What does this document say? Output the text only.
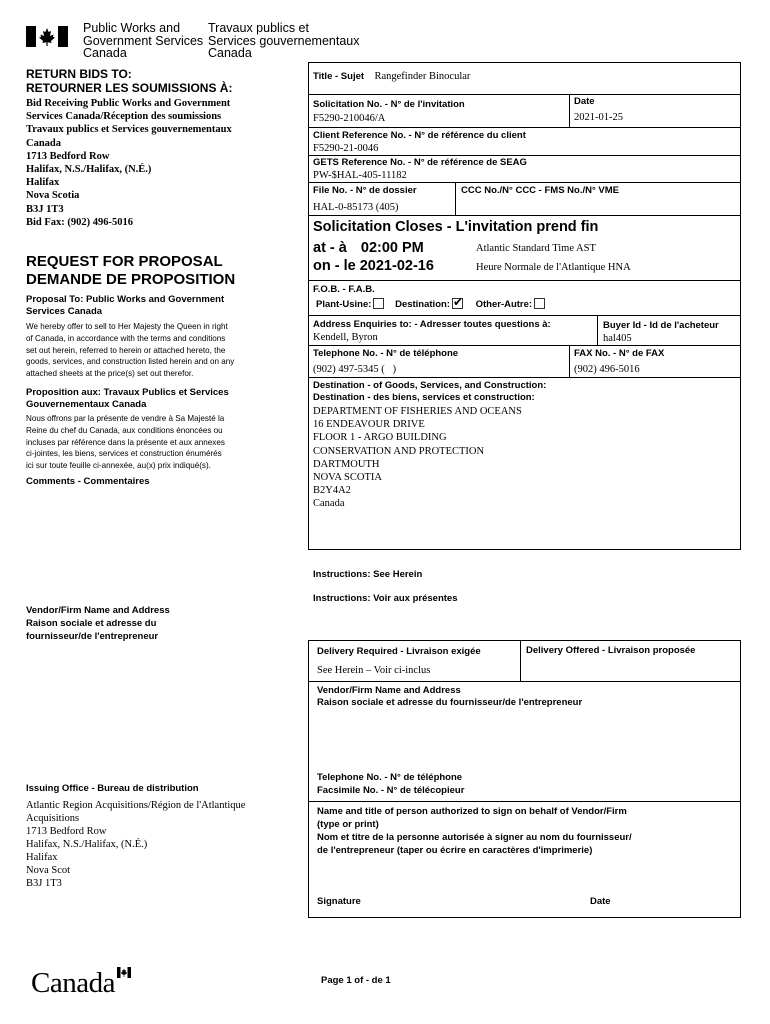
Public Works and
Government Services
Canada
Travaux publics et
Services gouvernementaux
Canada
RETURN BIDS TO:
RETOURNER LES SOUMISSIONS À:
Bid Receiving Public Works and Government
Services Canada/Réception des soumissions
Travaux publics et Services gouvernementaux
Canada
1713 Bedford Row
Halifax, N.S./Halifax, (N.É.)
Halifax
Nova Scotia
B3J 1T3
Bid Fax: (902) 496-5016
REQUEST FOR PROPOSAL
DEMANDE DE PROPOSITION
Proposal To: Public Works and Government
Services Canada
We hereby offer to sell to Her Majesty the Queen in right
of Canada, in accordance with the terms and conditions
set out herein, referred to herein or attached hereto, the
goods, services, and construction listed herein and on any
attached sheets at the price(s) set out therefor.
Proposition aux: Travaux Publics et Services
Gouvernementaux Canada
Nous offrons par la présente de vendre à Sa Majesté la
Reine du chef du Canada, aux conditions énoncées ou
incluses par référence dans la présente et aux annexes
ci-jointes, les biens, services et construction énumérés
ici sur toute feuille ci-annexée, au(x) prix indiqué(s).
Comments - Commentaires
Vendor/Firm Name and Address
Raison sociale et adresse du
fournisseur/de l'entrepreneur
Issuing Office - Bureau de distribution
Atlantic Region Acquisitions/Région de l'Atlantique
Acquisitions
1713 Bedford Row
Halifax, N.S./Halifax, (N.É.)
Halifax
Nova Scot
B3J 1T3
Title - Sujet Rangefinder Binocular
Solicitation No. - N° de l'invitation
F5290-210046/A
Date
2021-01-25
Client Reference No. - N° de référence du client
F5290-21-0046
GETS Reference No. - N° de référence de SEAG
PW-$HAL-405-11182
File No. - N° de dossier
HAL-0-85173 (405)
CCC No./N° CCC - FMS No./N° VME
Solicitation Closes - L'invitation prend fin
at - à 02:00 PM
on - le 2021-02-16
Atlantic Standard Time AST
Heure Normale de l'Atlantique HNA
F.O.B. - F.A.B.
Plant-Usine: Destination: ✔ Other-Autre:
Address Enquiries to: - Adresser toutes questions à:
Kendell, Byron
Buyer Id - Id de l'acheteur
hal405
Telephone No. - N° de téléphone
(902) 497-5345 (   )
FAX No. - N° de FAX
(902) 496-5016
Destination - of Goods, Services, and Construction:
Destination - des biens, services et construction:
DEPARTMENT OF FISHERIES AND OCEANS
16 ENDEAVOUR DRIVE
FLOOR 1 - ARGO BUILDING
CONSERVATION AND PROTECTION
DARTMOUTH
NOVA SCOTIA
B2Y4A2
Canada
Instructions: See Herein
Instructions: Voir aux présentes
Delivery Required - Livraison exigée
See Herein – Voir ci-inclus
Delivery Offered - Livraison proposée
Vendor/Firm Name and Address
Raison sociale et adresse du fournisseur/de l'entrepreneur
Telephone No. - N° de téléphone
Facsimile No. - N° de télécopieur
Name and title of person authorized to sign on behalf of Vendor/Firm
(type or print)
Nom et titre de la personne autorisée à signer au nom du fournisseur/
de l'entrepreneur (taper ou écrire en caractères d'imprimerie)
Signature	Date
Canada	Page 1 of - de 1
